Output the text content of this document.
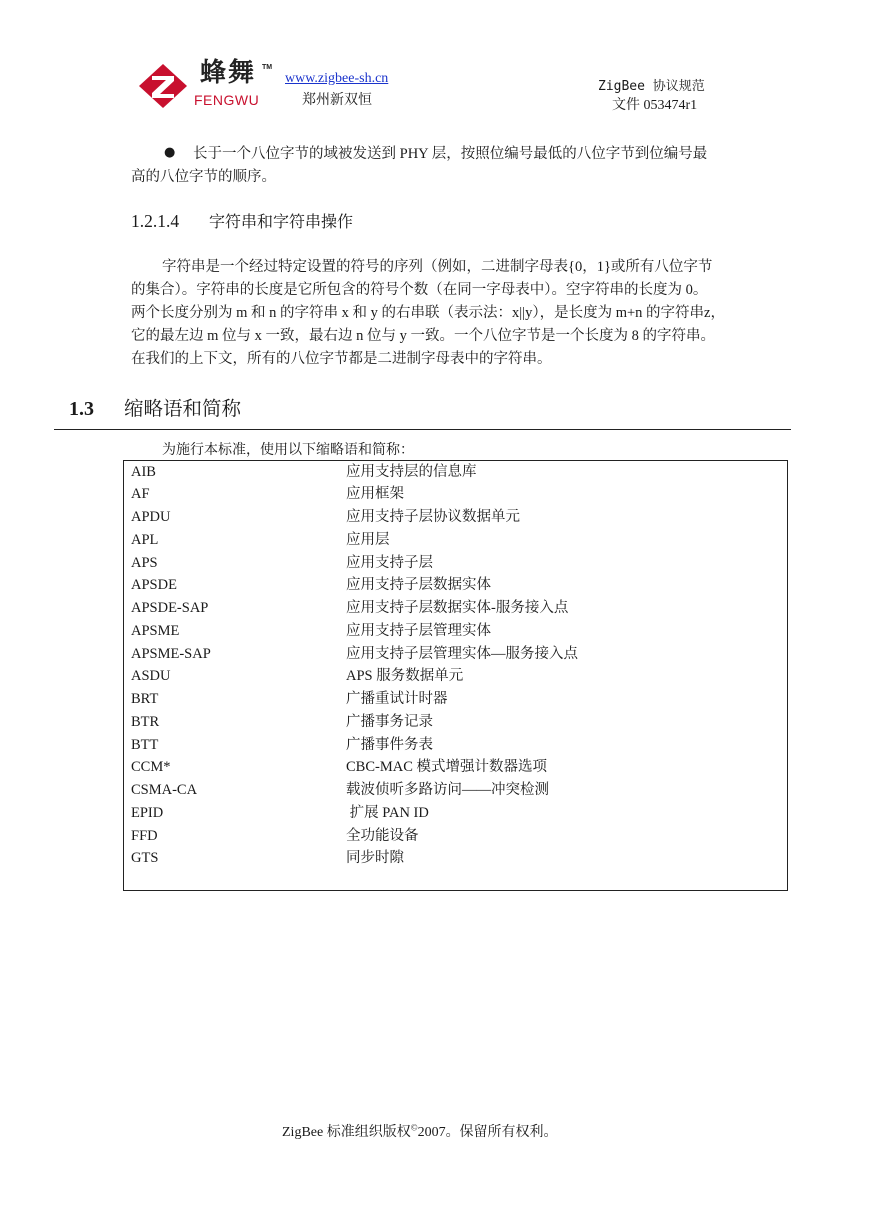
蜂舞 TM
FENGWU
www.zigbee-sh.cn
郑州新双恒
ZigBee 协议规范
文件 053474r1
● 长于一个八位字节的域被发送到 PHY 层，按照位编号最低的八位字节到位编号最
高的八位字节的顺序。
1.2.1.4 字符串和字符串操作
字符串是一个经过特定设置的符号的序列（例如，二进制字母表{0，1}或所有八位字节
的集合）。字符串的长度是它所包含的符号个数（在同一字母表中）。空字符串的长度为 0。
两个长度分别为 m 和 n 的字符串 x 和 y 的右串联（表示法：x||y），是长度为 m+n 的字符串z，
它的最左边 m 位与 x 一致，最右边 n 位与 y 一致。一个八位字节是一个长度为 8 的字符串。
在我们的上下文，所有的八位字节都是二进制字母表中的字符串。
1.3 缩略语和简称
为施行本标准，使用以下缩略语和简称：
AIB	应用支持层的信息库
AF	应用框架
APDU	应用支持子层协议数据单元
APL	应用层
APS	应用支持子层
APSDE	应用支持子层数据实体
APSDE-SAP	应用支持子层数据实体-服务接入点
APSME	应用支持子层管理实体
APSME-SAP	应用支持子层管理实体—服务接入点
ASDU	APS 服务数据单元
BRT	广播重试计时器
BTR	广播事务记录
BTT	广播事件务表
CCM*	CBC-MAC 模式增强计数器选项
CSMA-CA	载波侦听多路访问——冲突检测
EPID	扩展 PAN ID
FFD	全功能设备
GTS	同步时隙
ZigBee 标准组织版权©2007。保留所有权利。
